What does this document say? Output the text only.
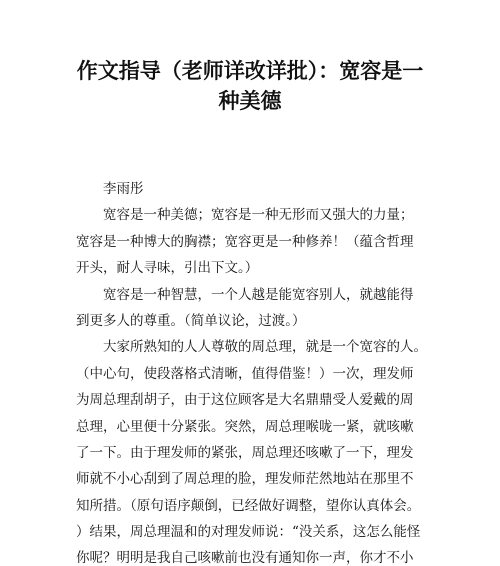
作文指导（老师详改详批）：宽容是一
种美德
李雨彤
宽容是一种美德；宽容是一种无形而又强大的力量；
宽容是一种博大的胸襟；宽容更是一种修养！（蕴含哲理
开头，耐人寻味，引出下文。）
宽容是一种智慧，一个人越是能宽容别人，就越能得
到更多人的尊重。（简单议论，过渡。）
大家所熟知的人人尊敬的周总理，就是一个宽容的人。
（中心句，使段落格式清晰，值得借鉴！）一次，理发师
为周总理刮胡子，由于这位顾客是大名鼎鼎受人爱戴的周
总理，心里便十分紧张。突然，周总理喉咙一紧，就咳嗽
了一下。由于理发师的紧张，周总理还咳嗽了一下，理发
师就不小心刮到了周总理的脸，理发师茫然地站在那里不
知所措。（原句语序颠倒，已经做好调整，望你认真体会。
）结果，周总理温和的对理发师说：“没关系，这怎么能怪
你呢？明明是我自己咳嗽前也没有通知你一声，你才不小
